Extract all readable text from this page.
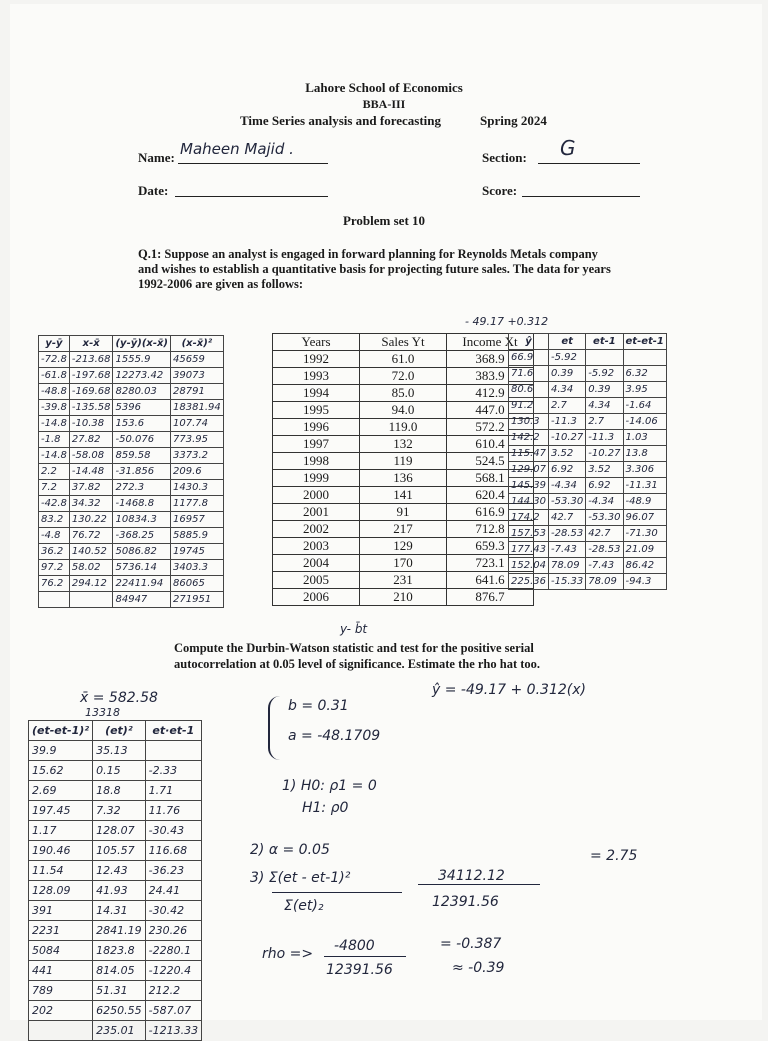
Lahore School of Economics
BBA-III
Time Series analysis and forecasting	Spring 2024
Name: Maheen Majid .	Section: G
Date:	Score:
Problem set 10
Q.1: Suppose an analyst is engaged in forward planning for Reynolds Metals company
and wishes to establish a quantitative basis for projecting future sales. The data for years
1992-2006 are given as follows:
- 49.17 +0.312
y-ȳ	x-x̄	(y-ȳ)(x-x̄)	(x-x̄)²
-72.8	-213.68	1555.9	45659
-61.8	-197.68	12273.42	39073
-48.8	-169.68	8280.03	28791
-39.8	-135.58	5396	18381.94
-14.8	-10.38	153.6	107.74
-1.8	27.82	-50.076	773.95
-14.8	-58.08	859.58	3373.2
2.2	-14.48	-31.856	209.6
7.2	37.82	272.3	1430.3
-42.8	34.32	-1468.8	1177.8
83.2	130.22	10834.3	16957
-4.8	76.72	-368.25	5885.9
36.2	140.52	5086.82	19745
97.2	58.02	5736.14	3403.3
76.2	294.12	22411.94	86065
		84947	271951
Years	Sales Yt	Income Xt
1992	61.0	368.9
1993	72.0	383.9
1994	85.0	412.9
1995	94.0	447.0
1996	119.0	572.2
1997	132	610.4
1998	119	524.5
1999	136	568.1
2000	141	620.4
2001	91	616.9
2002	217	712.8
2003	129	659.3
2004	170	723.1
2005	231	641.6
2006	210	876.7
ŷ	et	et-1	et-et-1
66.9	-5.92		
71.6	0.39	-5.92	6.32
80.6	4.34	0.39	3.95
91.2	2.7	4.34	-1.64
130.3	-11.3	2.7	-14.06
142.2	-10.27	-11.3	1.03
115.47	3.52	-10.27	13.8
129.07	6.92	3.52	3.306
145.39	-4.34	6.92	-11.31
144.30	-53.30	-4.34	-48.9
174.2	42.7	-53.30	96.07
157.53	-28.53	42.7	-71.30
177.43	-7.43	-28.53	21.09
152.04	78.09	-7.43	86.42
225.36	-15.33	78.09	-94.3
y- b̄t
Compute the Durbin-Watson statistic and test for the positive serial
autocorrelation at 0.05 level of significance. Estimate the rho hat too.
x̄ = 582.58
13318	b = 0.31
a = -48.1709
ŷ = -49.17 + 0.312(x)
1) H0: ρ1 = 0
H1: ρ0
2) α = 0.05
3) Σ(et - et-1)²
Σ(et)₂
34112.12
12391.56
= 2.75
rho => -4800
12391.56
= -0.387
≈ -0.39
(et-et-1)²	(et)²	et·et-1
39.9	35.13	
15.62	0.15	-2.33
2.69	18.8	1.71
197.45	7.32	11.76
1.17	128.07	-30.43
190.46	105.57	116.68
11.54	12.43	-36.23
128.09	41.93	24.41
391	14.31	-30.42
2231	2841.19	230.26
5084	1823.8	-2280.1
441	814.05	-1220.4
789	51.31	212.2
202	6250.55	-587.07
	235.01	-1213.33
